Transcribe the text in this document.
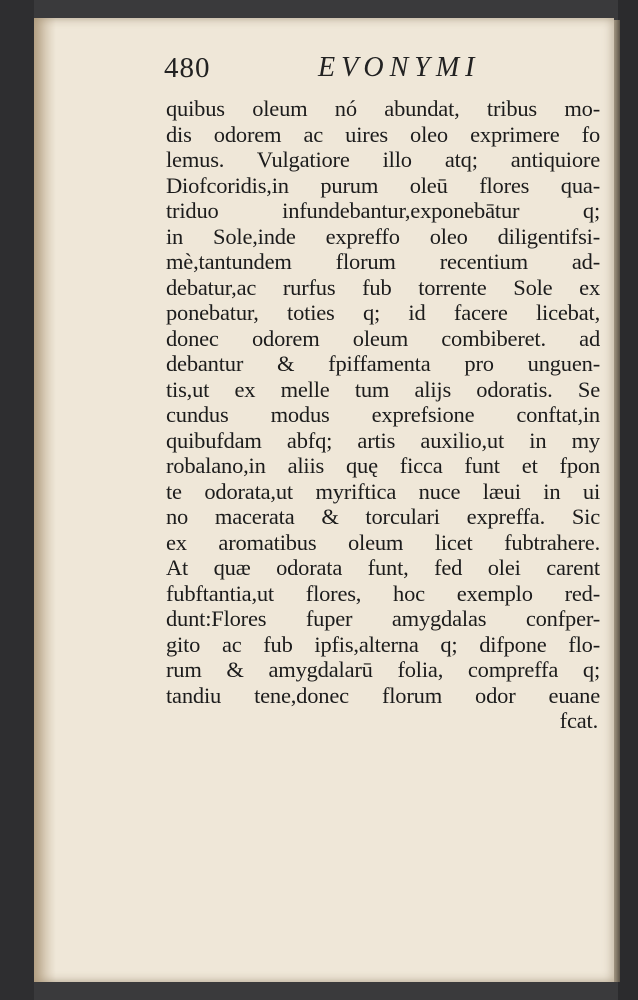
480	EVONYMI
quibus oleum nó abundat, tribus mo-
dis odorem ac uires oleo exprimere fo
lemus. Vulgatiore illo atq; antiquiore
Diofcoridis,in purum oleū flores qua-
triduo infundebantur,exponebātur q;
in Sole,inde expreffo oleo diligentifsi-
mè,tantundem florum recentium ad-
debatur,ac rurfus fub torrente Sole ex
ponebatur, toties q; id facere licebat,
donec odorem oleum combiberet. ad
debantur & fpiffamenta pro unguen-
tis,ut ex melle tum alijs odoratis. Se
cundus modus exprefsione conftat,in
quibufdam abfq; artis auxilio,ut in my
robalano,in aliis quę ficca funt et fpon
te odorata,ut myriftica nuce læui in ui
no macerata & torculari expreffa. Sic
ex aromatibus oleum licet fubtrahere.
At quæ odorata funt, fed olei carent
fubftantia,ut flores, hoc exemplo red-
dunt:Flores fuper amygdalas confper-
gito ac fub ipfis,alterna q; difpone flo-
rum & amygdalarū folia, compreffa q;
tandiu tene,donec florum odor euane
fcat.
